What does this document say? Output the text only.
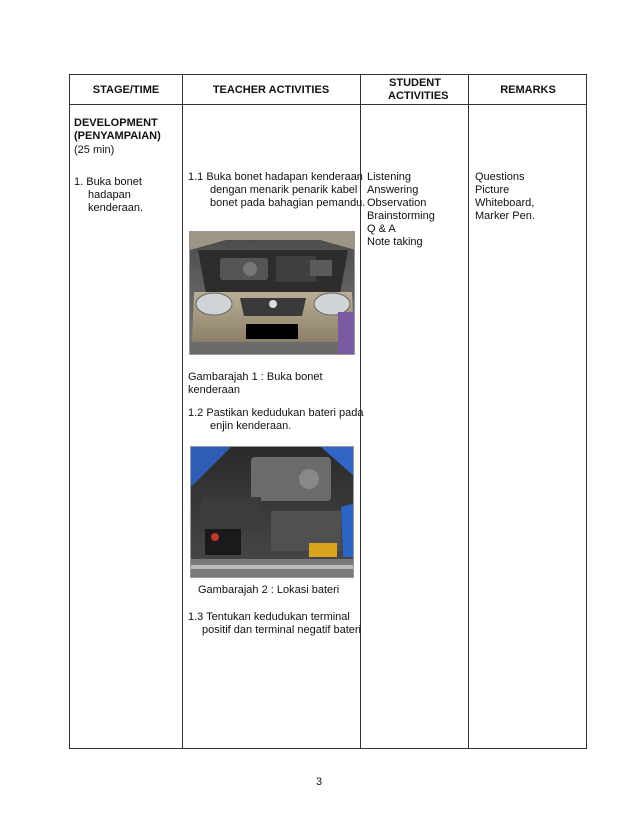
STAGE/TIME	TEACHER ACTIVITIES
STUDENT ACTIVITIES	REMARKS
DEVELOPMENT
(PENYAMPAIAN)
(25 min)
1. Buka bonet hadapan kenderaan.
1.1 Buka bonet hadapan kenderaan dengan menarik penarik kabel bonet pada bahagian pemandu.
Gambarajah 1 : Buka bonet kenderaan
1.2 Pastikan kedudukan bateri pada enjin kenderaan.
Gambarajah 2 : Lokasi bateri
1.3 Tentukan kedudukan terminal positif dan terminal negatif bateri
Listening
Answering
Observation
Brainstorming
Q & A
Note taking
Questions
Picture
Whiteboard,
Marker Pen.
3
